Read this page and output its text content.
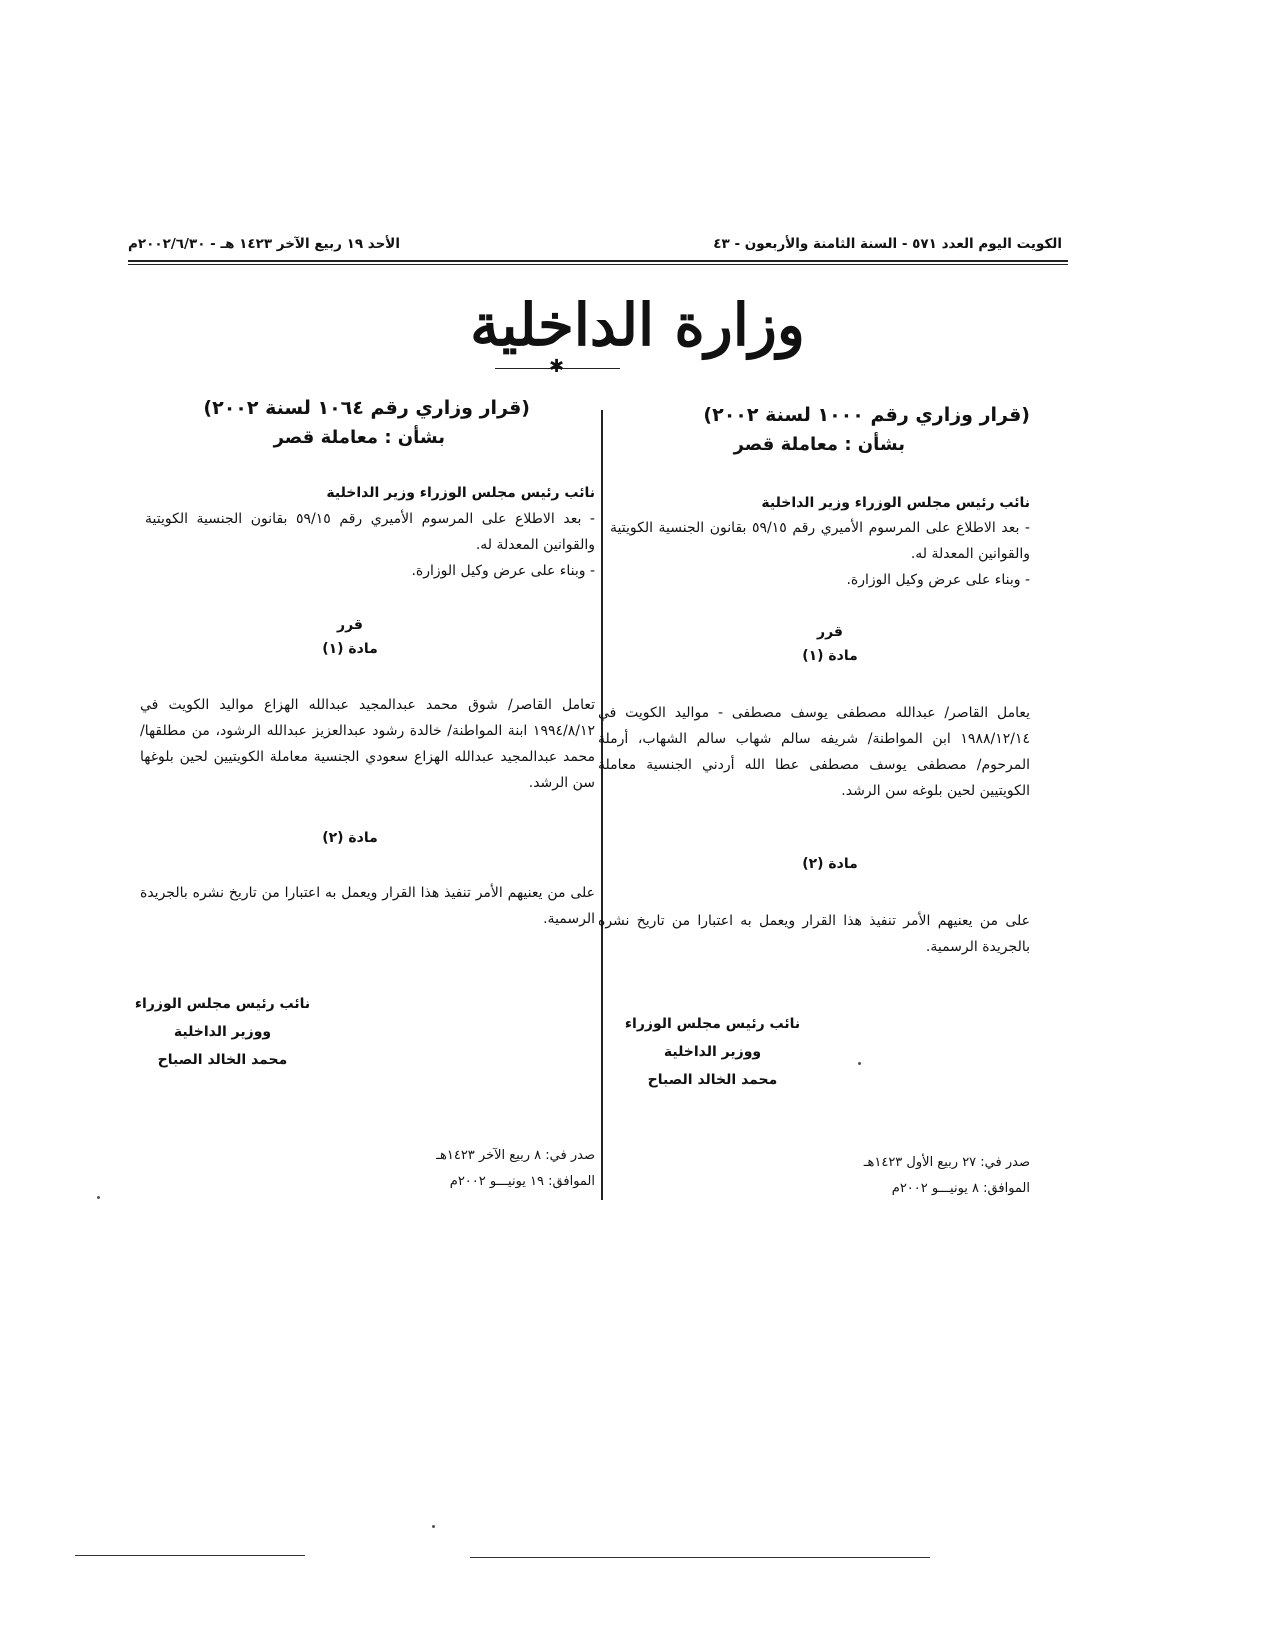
الكويت اليوم العدد ٥٧١ - السنة الثامنة والأربعون - ٤٣
الأحد ١٩ ربيع الآخر ١٤٢٣ هـ - ٢٠٠٢/٦/٣٠م
وزارة الداخلية
✱
(قرار وزاري رقم ١٠٠٠ لسنة ٢٠٠٢)
بشأن : معاملة قصر
نائب رئيس مجلس الوزراء وزير الداخلية
- بعد الاطلاع على المرسوم الأميري رقم ٥٩/١٥ بقانون الجنسية الكويتية والقوانين المعدلة له.
- وبناء على عرض وكيل الوزارة.
قرر
مادة (١)
يعامل القاصر/ عبدالله مصطفى يوسف مصطفى - مواليد الكويت في ١٩٨٨/١٢/١٤ ابن المواطنة/ شريفه سالم شهاب سالم الشهاب، أرملة المرحوم/ مصطفى يوسف مصطفى عطا الله أردني الجنسية معاملة الكويتيين لحين بلوغه سن الرشد.
مادة (٢)
على من يعنيهم الأمر تنفيذ هذا القرار ويعمل به اعتبارا من تاريخ نشره بالجريدة الرسمية.
نائب رئيس مجلس الوزراء
ووزير الداخلية
محمد الخالد الصباح
صدر في: ٢٧ ربيع الأول ١٤٢٣هـ
الموافق: ٨ يونيـــو ٢٠٠٢م
(قرار وزاري رقم ١٠٦٤ لسنة ٢٠٠٢)
بشأن : معاملة قصر
نائب رئيس مجلس الوزراء وزير الداخلية
- بعد الاطلاع على المرسوم الأميري رقم ٥٩/١٥ بقانون الجنسية الكويتية والقوانين المعدلة له.
- وبناء على عرض وكيل الوزارة.
قرر
مادة (١)
تعامل القاصر/ شوق محمد عبدالمجيد عبدالله الهزاع مواليد الكويت في ١٩٩٤/٨/١٢ ابنة المواطنة/ خالدة رشود عبدالعزيز عبدالله الرشود، من مطلقها/ محمد عبدالمجيد عبدالله الهزاع سعودي الجنسية معاملة الكويتيين لحين بلوغها سن الرشد.
مادة (٢)
على من يعنيهم الأمر تنفيذ هذا القرار ويعمل به اعتبارا من تاريخ نشره بالجريدة الرسمية.
نائب رئيس مجلس الوزراء
ووزير الداخلية
محمد الخالد الصباح
صدر في: ٨ ربيع الآخر ١٤٢٣هـ
الموافق: ١٩ يونيـــو ٢٠٠٢م
